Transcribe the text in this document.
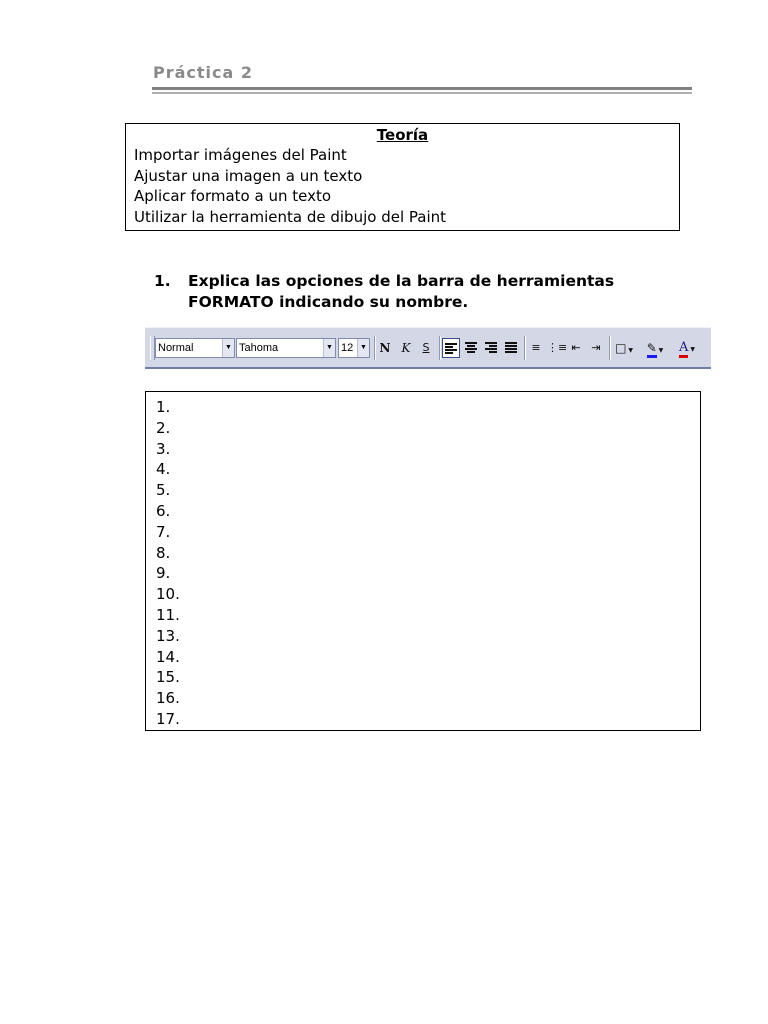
Práctica 2
Teoría
Importar imágenes del Paint
Ajustar una imagen a un texto
Aplicar formato a un texto
Utilizar la herramienta de dibujo del Paint
1. Explica las opciones de la barra de herramientas
FORMATO indicando su nombre.
Normal	▼ Tahoma	▼ 12 ▼ N K	S	≡ ⋮≡ ⇤ ⇥	□ ▼	✎ ▼	A ▼
1.
2.
3.
4.
5.
6.
7.
8.
9.
10.
11.
13.
14.
15.
16.
17.
